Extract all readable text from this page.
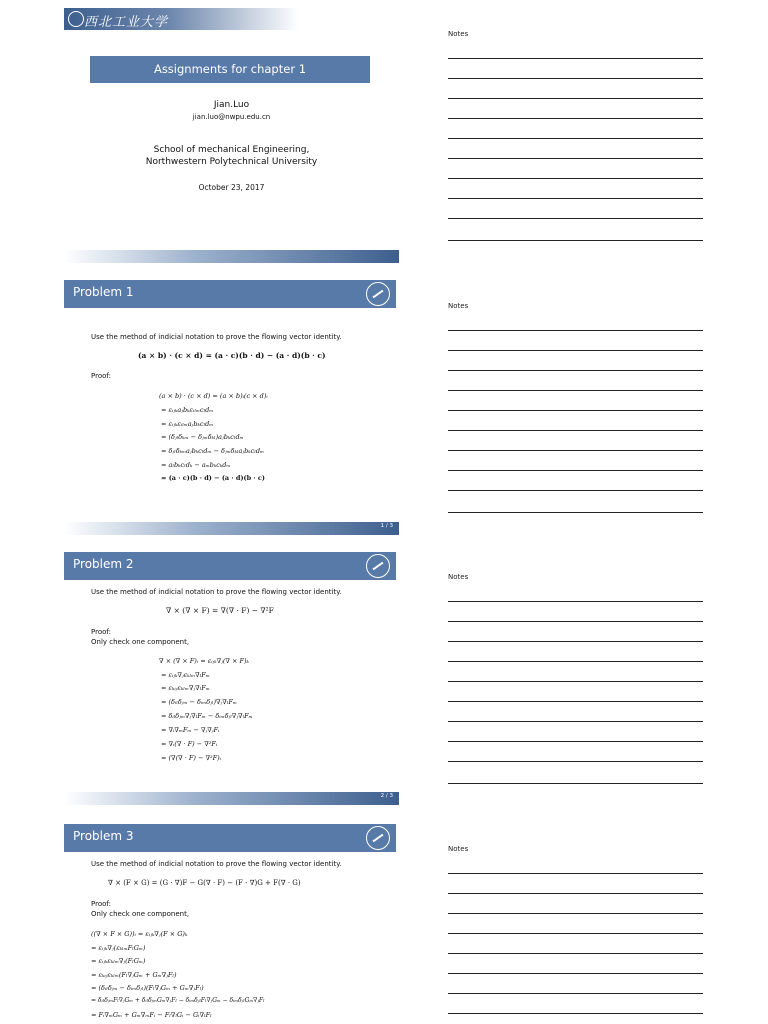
西北工业大学
Assignments for chapter 1
Jian.Luo
jian.luo@nwpu.edu.cn
School of mechanical Engineering,
Northwestern Polytechnical University
October 23, 2017
Problem 1
Use the method of indicial notation to prove the flowing vector identity.
(a × b) · (c × d) = (a · c)(b · d) − (a · d)(b · c)
Proof:
(a × b) · (c × d) = (a × b)ᵢ(c × d)ᵢ
= εᵢⱼₖaⱼbₖεᵢₗₘcₗdₘ
= εᵢⱼₖεᵢₗₘaⱼbₖcₗdₘ
= (δⱼₗδₖₘ − δⱼₘδₖₗ)aⱼbₖcₗdₘ
= δⱼₗδₖₘaⱼbₖcₗdₘ − δⱼₘδₖₗaⱼbₖcₗdₘ
= aₗbₖcₗdₖ − aₘbₖcₖdₘ
= (a · c)(b · d) − (a · d)(b · c)
1 / 3
Problem 2
Use the method of indicial notation to prove the flowing vector identity.
∇ × (∇ × F) = ∇(∇ · F) − ∇²F
Proof:
Only check one component,
∇ × (∇ × F)ᵢ = εᵢⱼₖ∇ⱼ(∇ × F)ₖ
= εᵢⱼₖ∇ⱼεₖₗₘ∇ₗFₘ
= εₖᵢⱼεₖₗₘ∇ⱼ∇ₗFₘ
= (δᵢₗδⱼₘ − δᵢₘδⱼₗ)∇ⱼ∇ₗFₘ
= δᵢₗδⱼₘ∇ⱼ∇ₗFₘ − δᵢₘδⱼₗ∇ⱼ∇ₗFₘ
= ∇ᵢ∇ₘFₘ − ∇ⱼ∇ⱼFᵢ
= ∇ᵢ(∇ · F) − ∇²Fᵢ
= (∇(∇ · F) − ∇²F)ᵢ
2 / 3
Problem 3
Use the method of indicial notation to prove the flowing vector identity.
∇ × (F × G) = (G · ∇)F − G(∇ · F) − (F · ∇)G + F(∇ · G)
Proof:
Only check one component,
((∇ × F × G))ᵢ = εᵢⱼₖ∇ⱼ(F × G)ₖ
= εᵢⱼₖ∇ⱼ(εₖₗₘFₗGₘ)
= εᵢⱼₖεₖₗₘ∇ⱼ(FₗGₘ)
= εₖᵢⱼεₖₗₘ(Fₗ∇ⱼGₘ + Gₘ∇ⱼFₗ)
= (δᵢₗδⱼₘ − δᵢₘδⱼₗ)(Fₗ∇ⱼGₘ + Gₘ∇ⱼFₗ)
= δᵢₗδⱼₘFₗ∇ⱼGₘ + δᵢₗδⱼₘGₘ∇ⱼFₗ − δᵢₘδⱼₗFₗ∇ⱼGₘ − δᵢₘδⱼₗGₘ∇ⱼFₗ
= Fᵢ∇ₘGₘ + Gₘ∇ₘFᵢ − Fₗ∇ₗGᵢ − Gᵢ∇ₗFₗ
Notes
Notes
Notes
Notes
